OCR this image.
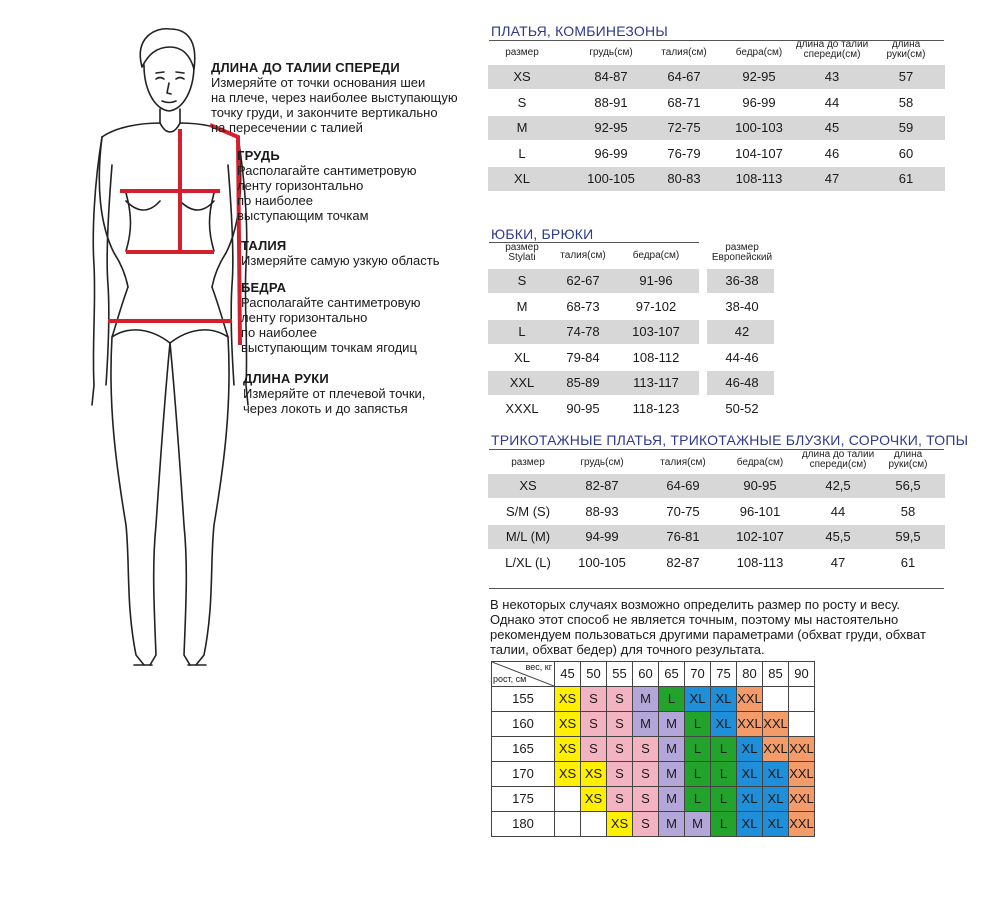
ДЛИНА ДО ТАЛИИ СПЕРЕДИ
Измеряйте от точки основания шеи
на плече, через наиболее выступающую
точку груди, и закончите вертикально
на пересечении с талией
ГРУДЬ
Располагайте сантиметровую
ленту горизонтально
по наиболее
выступающим точкам
ТАЛИЯ
Измеряйте самую узкую область
БЕДРА
Располагайте сантиметровую
ленту горизонтально
по наиболее
выступающим точкам ягодиц
ДЛИНА РУКИ
Измеряйте от плечевой точки,
через локоть и до запястья
ПЛАТЬЯ, КОМБИНЕЗОНЫ
размер	грудь(см)	талия(см)	бедра(см)
длина до талии
спереди(см)
длина
руки(см)
XS	84-87	64-67	92-95	43	57
S	88-91	68-71	96-99	44	58
M	92-95	72-75	100-103	45	59
L	96-99	76-79	104-107	46	60
XL	100-105	80-83	108-113	47	61
ЮБКИ, БРЮКИ
размер
Stylati	талия(см)	бедра(см)
размер
Европейский
S	62-67	91-96	36-38
M	68-73	97-102	38-40
L	74-78	103-107	42
XL	79-84	108-112	44-46
XXL	85-89	113-117	46-48
XXXL	90-95	118-123	50-52
ТРИКОТАЖНЫЕ ПЛАТЬЯ, ТРИКОТАЖНЫЕ БЛУЗКИ, СОРОЧКИ, ТОПЫ
размер	грудь(см)	талия(см)	бедра(см)
длина до талии
спереди(см)
длина
руки(см)
XS	82-87	64-69	90-95	42,5	56,5
S/M (S)	88-93	70-75	96-101	44	58
M/L (M)	94-99	76-81	102-107	45,5	59,5
L/XL (L)	100-105	82-87	108-113	47	61
В некоторых случаях возможно определить размер по росту и весу. Однако этот способ не является точным, поэтому мы настоятельно рекомендуем пользоваться другими параметрами (обхват груди, обхват талии, обхват бедер) для точного результата.
вес, кг
рост, см	45	50	55	60	65	70	75	80	85	90
155	XS	S	S	M	L	XL	XL	XXL		
160	XS	S	S	M	M	L	XL	XXL	XXL	
165	XS	S	S	S	M	L	L	XL	XXL	XXL
170	XS	XS	S	S	M	L	L	XL	XL	XXL
175		XS	S	S	M	L	L	XL	XL	XXL
180			XS	S	M	M	L	XL	XL	XXL
